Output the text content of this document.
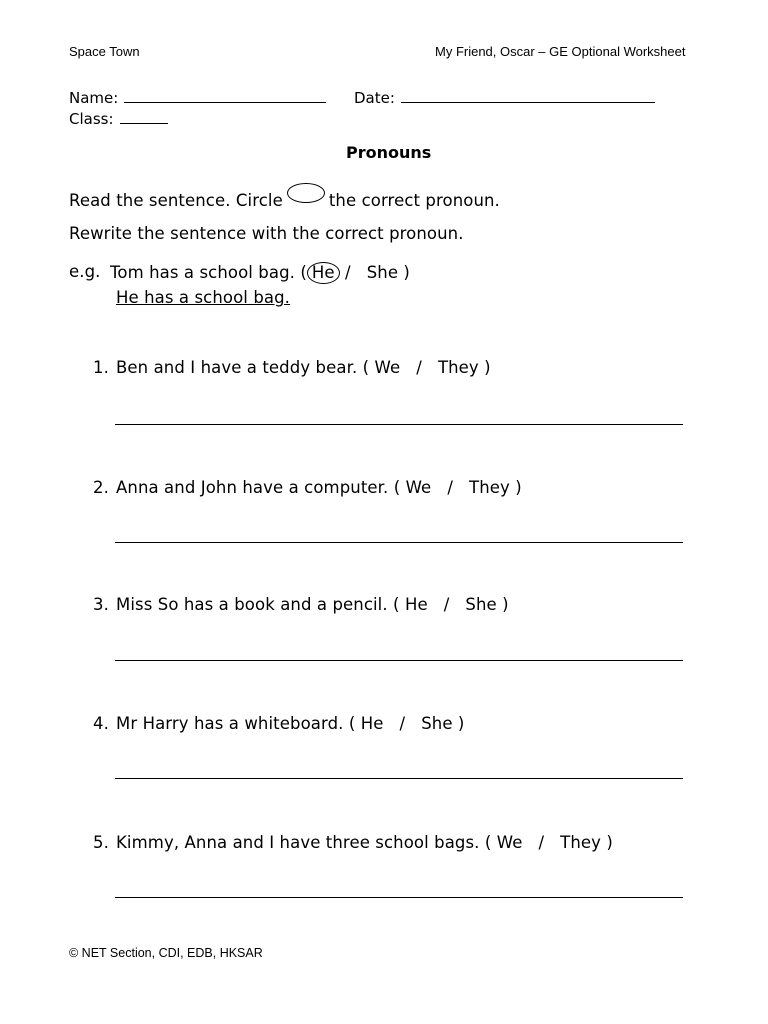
Space Town	My Friend, Oscar – GE Optional Worksheet
Name:	Date:
Class:
Pronouns
Read the sentence. Circle	the correct pronoun.
Rewrite the sentence with the correct pronoun.
e.g. Tom has a school bag. ( He /   She )
He has a school bag.
1. Ben and I have a teddy bear. ( We   /   They )
2. Anna and John have a computer. ( We   /   They )
3. Miss So has a book and a pencil. ( He   /   She )
4. Mr Harry has a whiteboard. ( He   /   She )
5. Kimmy, Anna and I have three school bags. ( We   /   They )
© NET Section, CDI, EDB, HKSAR
